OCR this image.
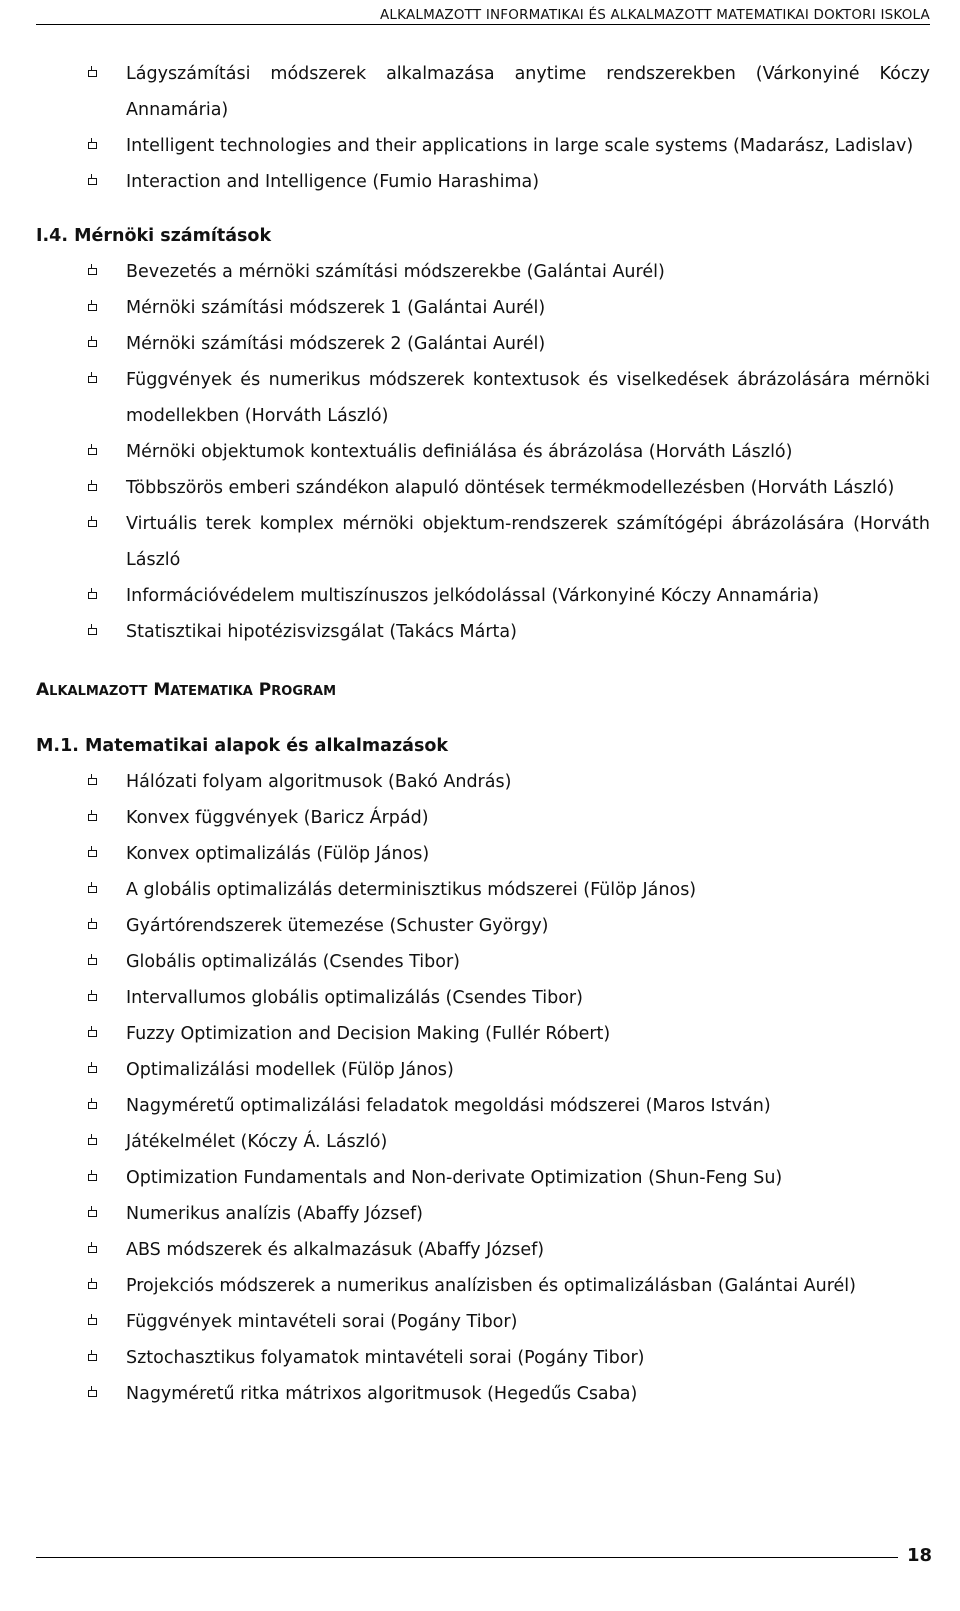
ALKALMAZOTT INFORMATIKAI ÉS ALKALMAZOTT MATEMATIKAI DOKTORI ISKOLA
Lágyszámítási módszerek alkalmazása anytime rendszerekben (Várkonyiné Kóczy Annamária)
Intelligent technologies and their applications in large scale systems (Madarász, Ladislav)
Interaction and Intelligence (Fumio Harashima)
I.4. Mérnöki számítások
Bevezetés a mérnöki számítási módszerekbe (Galántai Aurél)
Mérnöki számítási módszerek 1 (Galántai Aurél)
Mérnöki számítási módszerek 2 (Galántai Aurél)
Függvények és numerikus módszerek kontextusok és viselkedések ábrázolására mérnöki modellekben (Horváth László)
Mérnöki objektumok kontextuális definiálása és ábrázolása (Horváth László)
Többszörös emberi szándékon alapuló döntések termékmodellezésben (Horváth László)
Virtuális terek komplex mérnöki objektum-rendszerek számítógépi ábrázolására (Horváth László
Információvédelem multiszínuszos jelkódolással (Várkonyiné Kóczy Annamária)
Statisztikai hipotézisvizsgálat (Takács Márta)
ALKALMAZOTT MATEMATIKA PROGRAM
M.1. Matematikai alapok és alkalmazások
Hálózati folyam algoritmusok (Bakó András)
Konvex függvények (Baricz Árpád)
Konvex optimalizálás (Fülöp János)
A globális optimalizálás determinisztikus módszerei (Fülöp János)
Gyártórendszerek ütemezése (Schuster György)
Globális optimalizálás (Csendes Tibor)
Intervallumos globális optimalizálás (Csendes Tibor)
Fuzzy Optimization and Decision Making (Fullér Róbert)
Optimalizálási modellek (Fülöp János)
Nagyméretű optimalizálási feladatok megoldási módszerei (Maros István)
Játékelmélet (Kóczy Á. László)
Optimization Fundamentals and Non-derivate Optimization (Shun-Feng Su)
Numerikus analízis (Abaffy József)
ABS módszerek és alkalmazásuk (Abaffy József)
Projekciós módszerek a numerikus analízisben és optimalizálásban (Galántai Aurél)
Függvények mintavételi sorai (Pogány Tibor)
Sztochasztikus folyamatok mintavételi sorai (Pogány Tibor)
Nagyméretű ritka mátrixos algoritmusok (Hegedűs Csaba)
18
